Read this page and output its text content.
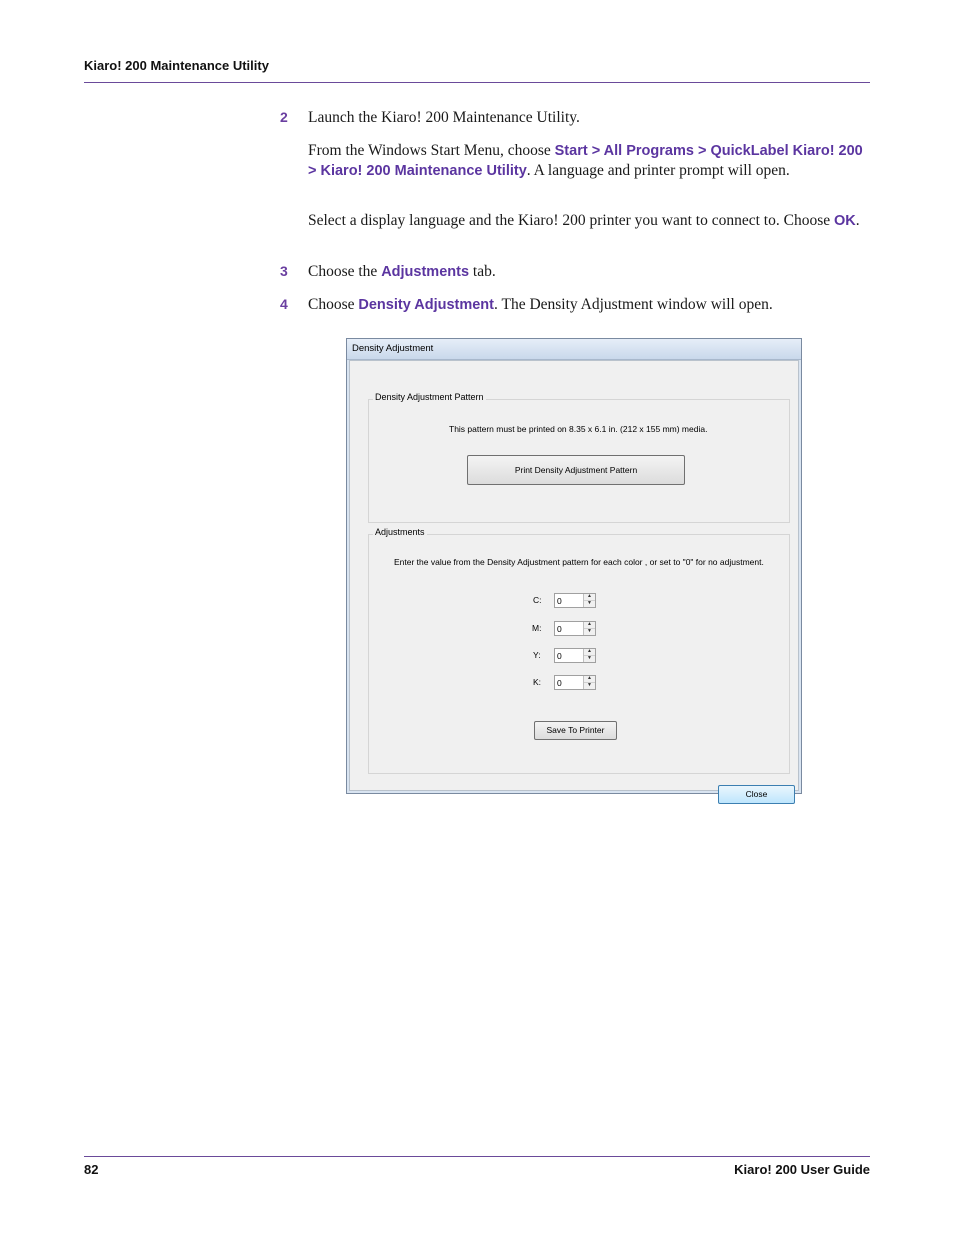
Kiaro! 200 Maintenance Utility
2 Launch the Kiaro! 200 Maintenance Utility.
From the Windows Start Menu, choose Start > All Programs > QuickLabel Kiaro! 200 > Kiaro! 200 Maintenance Utility. A language and printer prompt will open.
Select a display language and the Kiaro! 200 printer you want to connect to. Choose OK.
3 Choose the Adjustments tab.
4 Choose Density Adjustment. The Density Adjustment window will open.
Density Adjustment
Density Adjustment Pattern
This pattern must be printed on 8.35 x 6.1 in. (212 x 155 mm) media.
Print Density Adjustment Pattern
Adjustments
Enter the value from the Density Adjustment pattern for each color , or set to "0" for no adjustment.
C:
0	▲
▼
M:
0	▲
▼
Y:
0	▲
▼
K:
0	▲
▼
Save To Printer
Close
82	Kiaro! 200 User Guide
